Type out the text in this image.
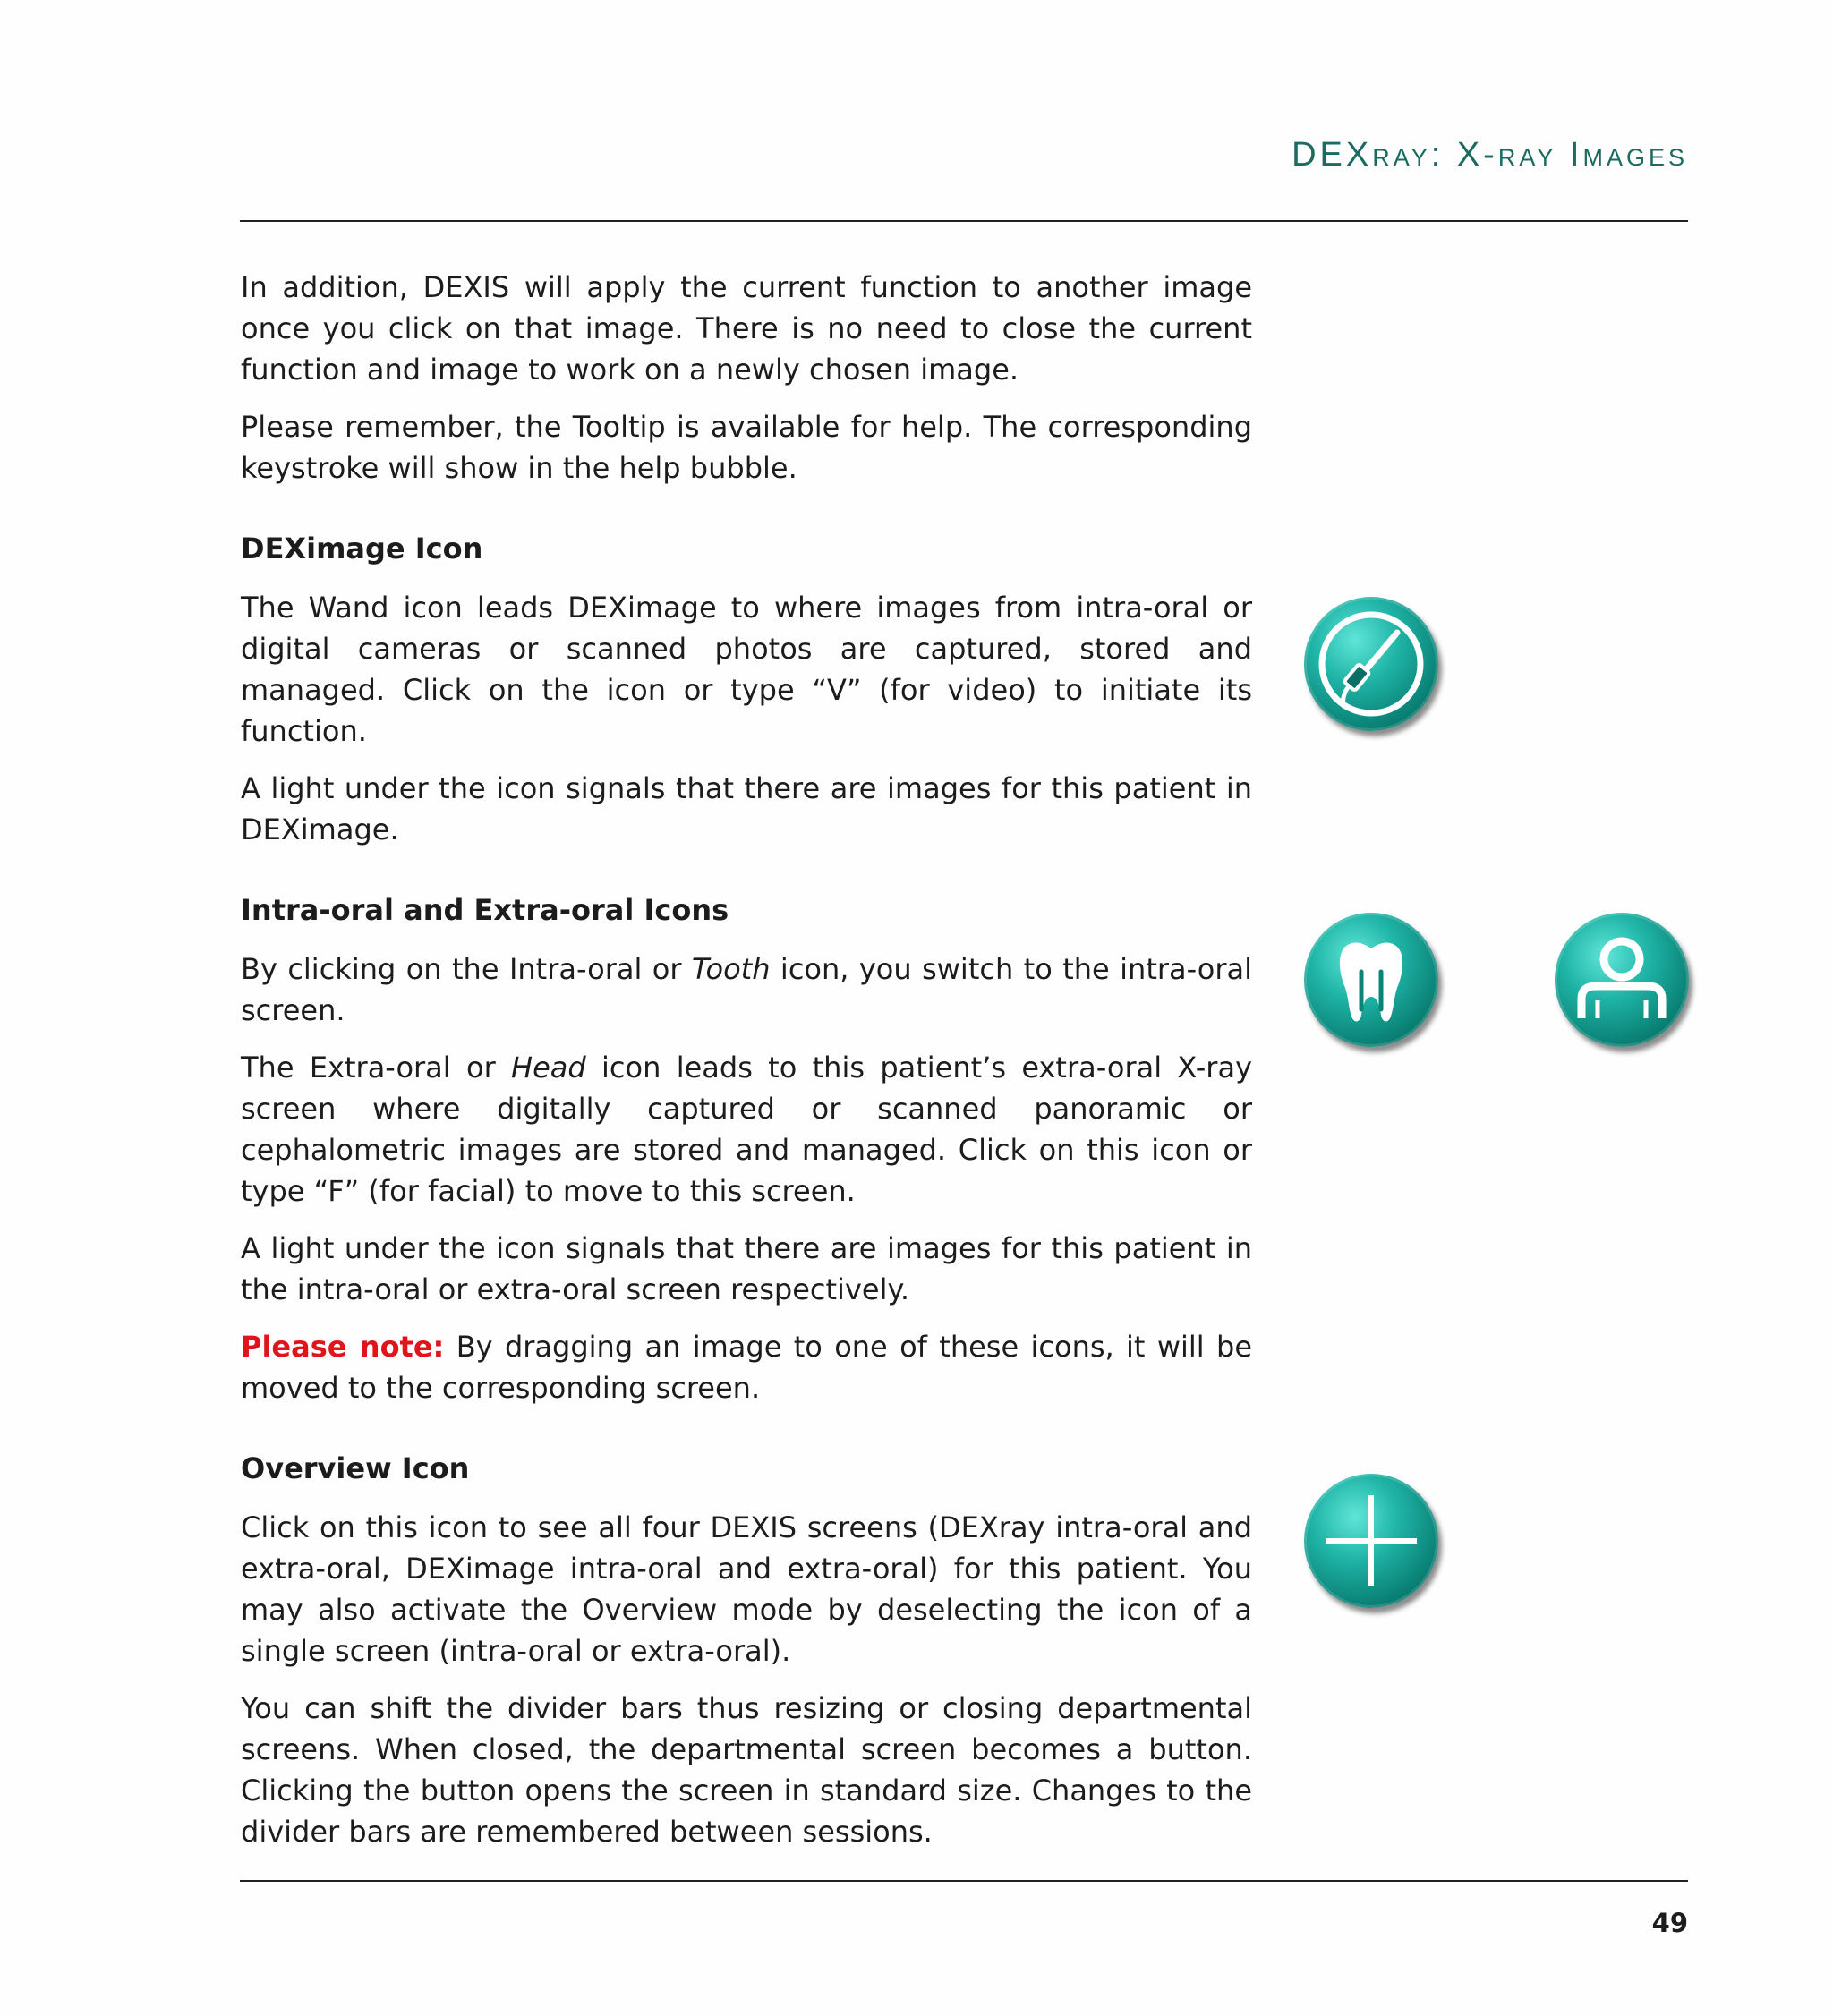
DEXray: X-ray Images

In addition, DEXIS will apply the current function to another image once you click on that image. There is no need to close the current function and image to work on a newly chosen image.

Please remember, the Tooltip is available for help. The corresponding keystroke will show in the help bubble.

DEXimage Icon

The Wand icon leads DEXimage to where images from intra-oral or digital cameras or scanned photos are captured, stored and managed. Click on the icon or type “V” (for video) to initiate its function.

A light under the icon signals that there are images for this patient in DEXimage.

Intra-oral and Extra-oral Icons

By clicking on the Intra-oral or Tooth icon, you switch to the intra-oral screen.

The Extra-oral or Head icon leads to this patient’s extra-oral X-ray screen where digitally captured or scanned panoramic or cephalometric images are stored and managed. Click on this icon or type “F” (for facial) to move to this screen.

A light under the icon signals that there are images for this patient in the intra-oral or extra-oral screen respectively.

Please note: By dragging an image to one of these icons, it will be moved to the corresponding screen.

Overview Icon

Click on this icon to see all four DEXIS screens (DEXray intra-oral and extra-oral, DEXimage intra-oral and extra-oral) for this patient. You may also activate the Overview mode by deselecting the icon of a single screen (intra-oral or extra-oral).

You can shift the divider bars thus resizing or closing departmental screens. When closed, the departmental screen becomes a button. Clicking the button opens the screen in standard size. Changes to the divider bars are remembered between sessions.

49
